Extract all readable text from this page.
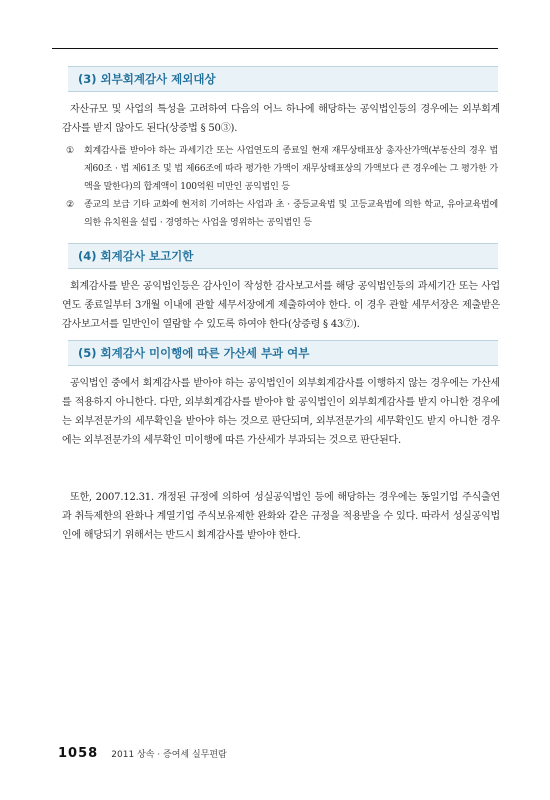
(3) 외부회계감사 제외대상
자산규모 및 사업의 특성을 고려하여 다음의 어느 하나에 해당하는 공익법인등의 경우에는 외부회계감사를 받지 않아도 된다(상증법 § 50③).
①	회계감사를 받아야 하는 과세기간 또는 사업연도의 종료일 현재 재무상태표상 총자산가액(부동산의 경우 법 제60조 · 법 제61조 및 법 제66조에 따라 평가한 가액이 재무상태표상의 가액보다 큰 경우에는 그 평가한 가액을 말한다)의 합계액이 100억원 미만인 공익법인 등
②	종교의 보급 기타 교화에 현저히 기여하는 사업과 초 · 중등교육법 및 고등교육법에 의한 학교, 유아교육법에 의한 유치원을 설립 · 경영하는 사업을 영위하는 공익법인 등
(4) 회계감사 보고기한
회계감사를 받은 공익법인등은 감사인이 작성한 감사보고서를 해당 공익법인등의 과세기간 또는 사업연도 종료일부터 3개월 이내에 관할 세무서장에게 제출하여야 한다. 이 경우 관할 세무서장은 제출받은 감사보고서를 일반인이 열람할 수 있도록 하여야 한다(상증령 § 43⑦).
(5) 회계감사 미이행에 따른 가산세 부과 여부
공익법인 중에서 회계감사를 받아야 하는 공익법인이 외부회계감사를 이행하지 않는 경우에는 가산세를 적용하지 아니한다. 다만, 외부회계감사를 받아야 할 공익법인이 외부회계감사를 받지 아니한 경우에는 외부전문가의 세무확인을 받아야 하는 것으로 판단되며, 외부전문가의 세무확인도 받지 아니한 경우에는 외부전문가의 세무확인 미이행에 따른 가산세가 부과되는 것으로 판단된다.
또한, 2007.12.31. 개정된 규정에 의하여 성실공익법인 등에 해당하는 경우에는 동일기업 주식출연과 취득제한의 완화나 계열기업 주식보유제한 완화와 같은 규정을 적용받을 수 있다. 따라서 성실공익법인에 해당되기 위해서는 반드시 회계감사를 받아야 한다.
1058 2011 상속 · 증여세 실무편람
